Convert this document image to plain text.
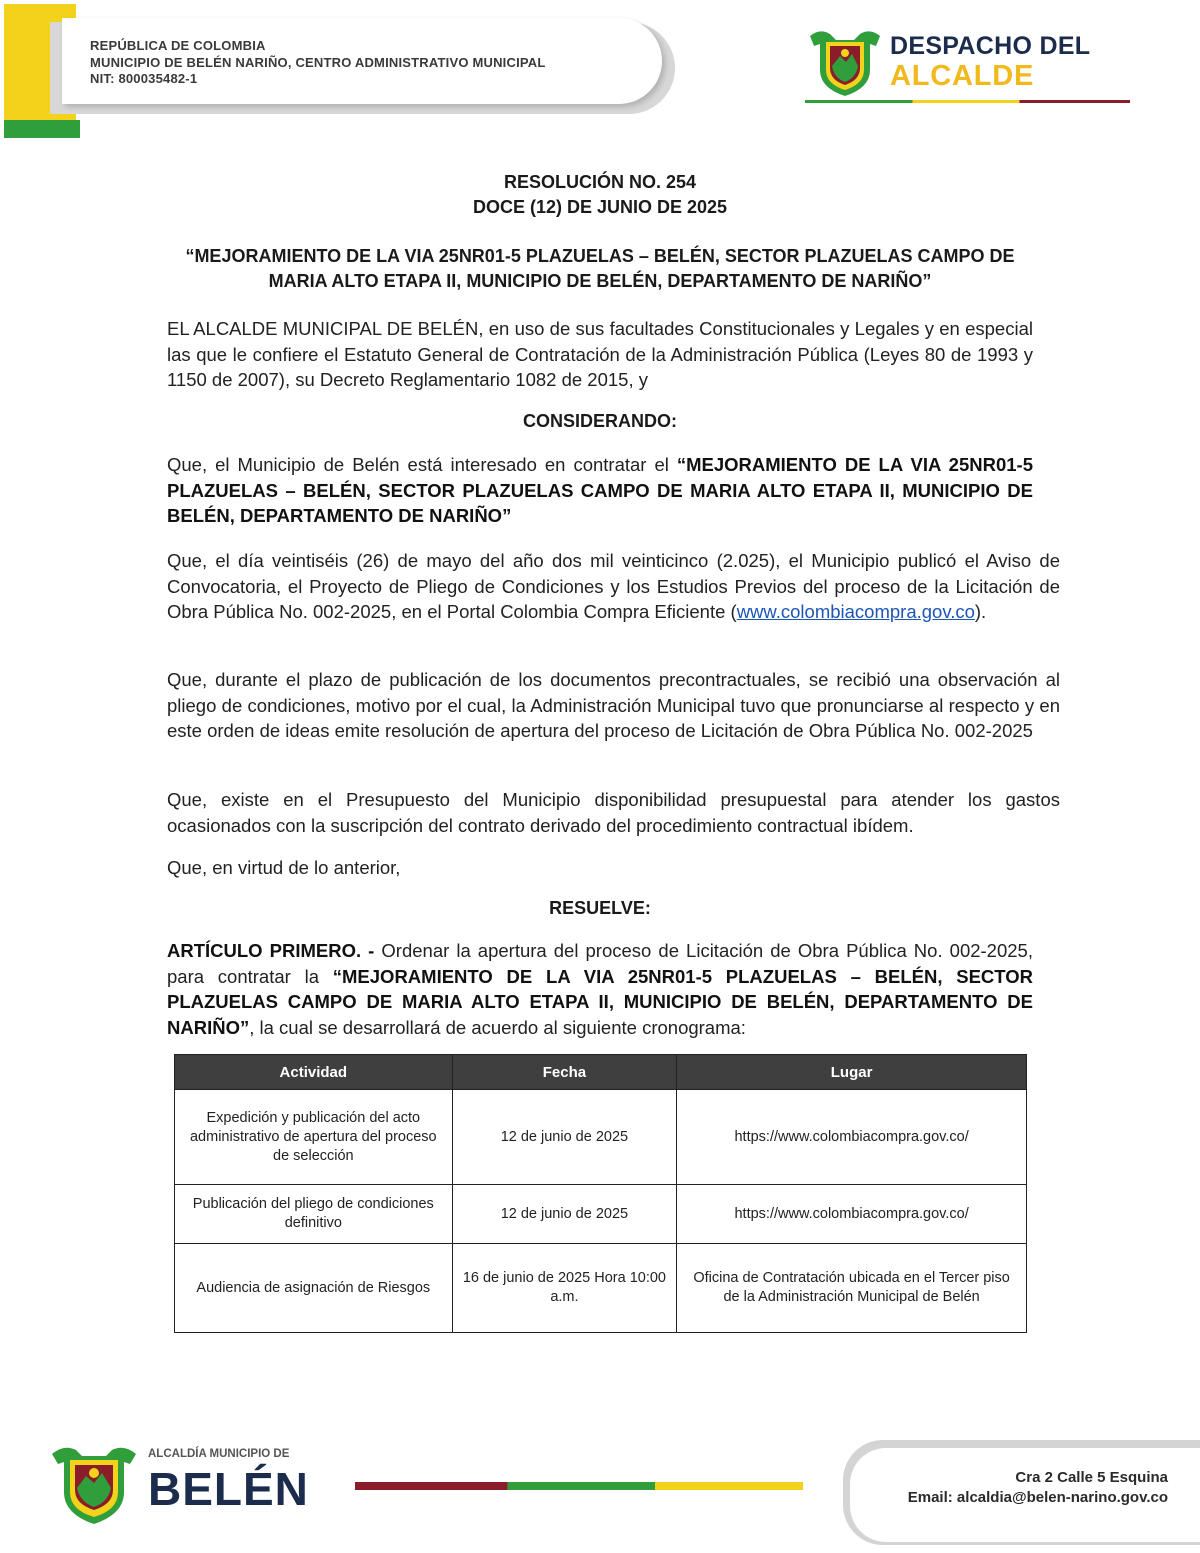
REPÚBLICA DE COLOMBIA
MUNICIPIO DE BELÉN NARIÑO, CENTRO ADMINISTRATIVO MUNICIPAL
NIT: 800035482-1
DESPACHO DEL
ALCALDE
RESOLUCIÓN NO. 254
DOCE (12) DE JUNIO DE 2025
“MEJORAMIENTO DE LA VIA 25NR01-5 PLAZUELAS – BELÉN, SECTOR PLAZUELAS CAMPO DE
MARIA ALTO ETAPA II, MUNICIPIO DE BELÉN, DEPARTAMENTO DE NARIÑO”
EL ALCALDE MUNICIPAL DE BELÉN, en uso de sus facultades Constitucionales y Legales y en especial las que le confiere el Estatuto General de Contratación de la Administración Pública (Leyes 80 de 1993 y 1150 de 2007), su Decreto Reglamentario 1082 de 2015, y
CONSIDERANDO:
Que, el Municipio de Belén está interesado en contratar el “MEJORAMIENTO DE LA VIA 25NR01-5 PLAZUELAS – BELÉN, SECTOR PLAZUELAS CAMPO DE MARIA ALTO ETAPA II, MUNICIPIO DE BELÉN, DEPARTAMENTO DE NARIÑO”
Que, el día veintiséis (26) de mayo del año dos mil veinticinco (2.025), el Municipio publicó el Aviso de Convocatoria, el Proyecto de Pliego de Condiciones y los Estudios Previos del proceso de la Licitación de Obra Pública No. 002-2025, en el Portal Colombia Compra Eficiente (www.colombiacompra.gov.co).
Que, durante el plazo de publicación de los documentos precontractuales, se recibió una observación al pliego de condiciones, motivo por el cual, la Administración Municipal tuvo que pronunciarse al respecto y en este orden de ideas emite resolución de apertura del proceso de Licitación de Obra Pública No. 002-2025
Que, existe en el Presupuesto del Municipio disponibilidad presupuestal para atender los gastos ocasionados con la suscripción del contrato derivado del procedimiento contractual ibídem.
Que, en virtud de lo anterior,
RESUELVE:
ARTÍCULO PRIMERO. - Ordenar la apertura del proceso de Licitación de Obra Pública No. 002-2025, para contratar la “MEJORAMIENTO DE LA VIA 25NR01-5 PLAZUELAS – BELÉN, SECTOR PLAZUELAS CAMPO DE MARIA ALTO ETAPA II, MUNICIPIO DE BELÉN, DEPARTAMENTO DE NARIÑO”, la cual se desarrollará de acuerdo al siguiente cronograma:
Actividad	Fecha	Lugar
Expedición y publicación del acto administrativo de apertura del proceso de selección	12 de junio de 2025	https://www.colombiacompra.gov.co/
Publicación del pliego de condiciones definitivo	12 de junio de 2025	https://www.colombiacompra.gov.co/
Audiencia de asignación de Riesgos	16 de junio de 2025 Hora 10:00 a.m.	Oficina de Contratación ubicada en el Tercer piso de la Administración Municipal de Belén
ALCALDÍA MUNICIPIO DE
BELÉN	Cra 2 Calle 5 Esquina
Email: alcaldia@belen-narino.gov.co
